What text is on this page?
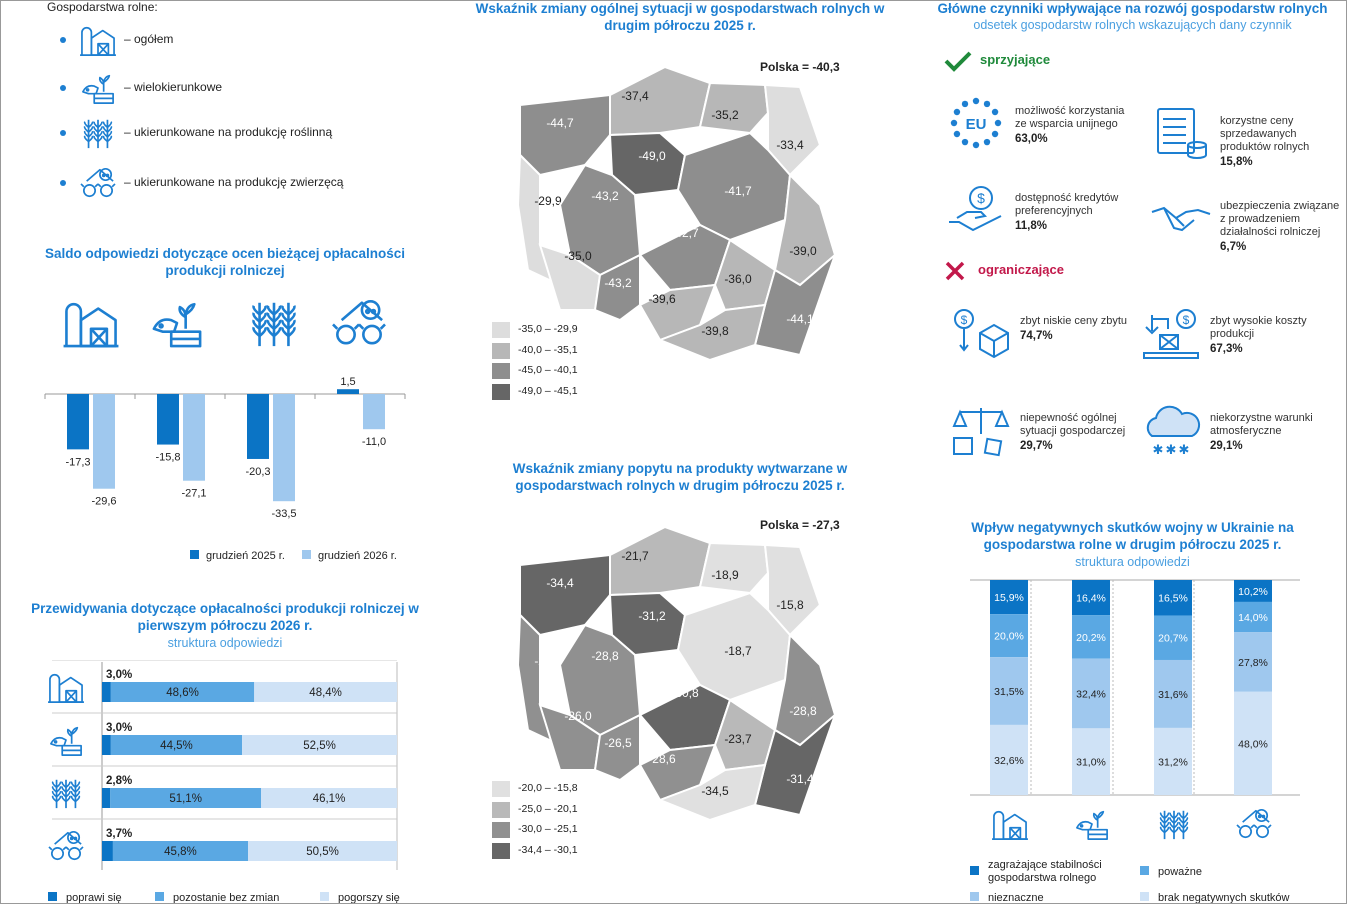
Gospodarstwa rolne:
– ogółem
– wielokierunkowe
– ukierunkowane na produkcję roślinną
– ukierunkowane na produkcję zwierzęcą
Saldo odpowiedzi dotyczące ocen bieżącej opłacalności produkcji rolniczej
-17,3
-29,6
-15,8
-27,1
-20,3
-33,5
1,5
-11,0
grudzień 2025 r.	grudzień 2026 r.
Przewidywania dotyczące opłacalności produkcji rolniczej w pierwszym półroczu 2026 r.
struktura odpowiedzi
48,6%	48,4%
3,0%
44,5%	52,5%
3,0%
51,1%	46,1%
2,8%
45,8%	50,5%
3,7%
poprawi się	pozostanie bez zmian	pogorszy się
Wskaźnik zmiany ogólnej sytuacji w gospodarstwach rolnych w drugim półroczu 2025 r.
Polska = -40,3
-37,4
-35,2
-44,7
-33,4
-49,0
-29,9 -43,2	-41,7
-42,7
-35,0	-39,0
-43,2
-39,6
-36,0
-44,1
-39,8
-35,0 – -29,9
-40,0 – -35,1
-45,0 – -40,1
-49,0 – -45,1
Wskaźnik zmiany popytu na produkty wytwarzane w gospodarstwach rolnych w drugim półroczu 2025 r.
Polska = -27,3
-21,7
-18,9
-34,4
-15,8
-31,2
-28,4 -28,8	-18,7
-30,8
-26,0	-28,8
-26,5
-28,6
-23,7
-31,4
-34,5
-20,0 – -15,8
-25,0 – -20,1
-30,0 – -25,1
-34,4 – -30,1
Główne czynniki wpływające na rozwój gospodarstw rolnych
odsetek gospodarstw rolnych wskazujących dany czynnik
sprzyjające
ograniczające
EU
możliwość korzystania ze wsparcia unijnego
63,0%
korzystne ceny sprzedawanych produktów rolnych
15,8%
$	dostępność kredytów preferencyjnych
11,8%
ubezpieczenia związane z prowadzeniem działalności rolniczej
6,7%
$	zbyt niskie ceny zbytu
74,7%
$ zbyt wysokie koszty produkcji
67,3%
niepewność ogólnej sytuacji gospodarczej
29,7%	✱ ✱ ✱
niekorzystne warunki atmosferyczne
29,1%
Wpływ negatywnych skutków wojny w Ukrainie na gospodarstwa rolne w drugim półroczu 2025 r.
struktura odpowiedzi
15,9%
20,0%
31,5%
32,6%
16,4%
20,2%
32,4%
31,0%
16,5%
20,7%
31,6%
31,2%
10,2%
14,0%
27,8%
48,0%
zagrażające stabilności
gospodarstwa rolnego	poważne
nieznaczne	brak negatywnych skutków
